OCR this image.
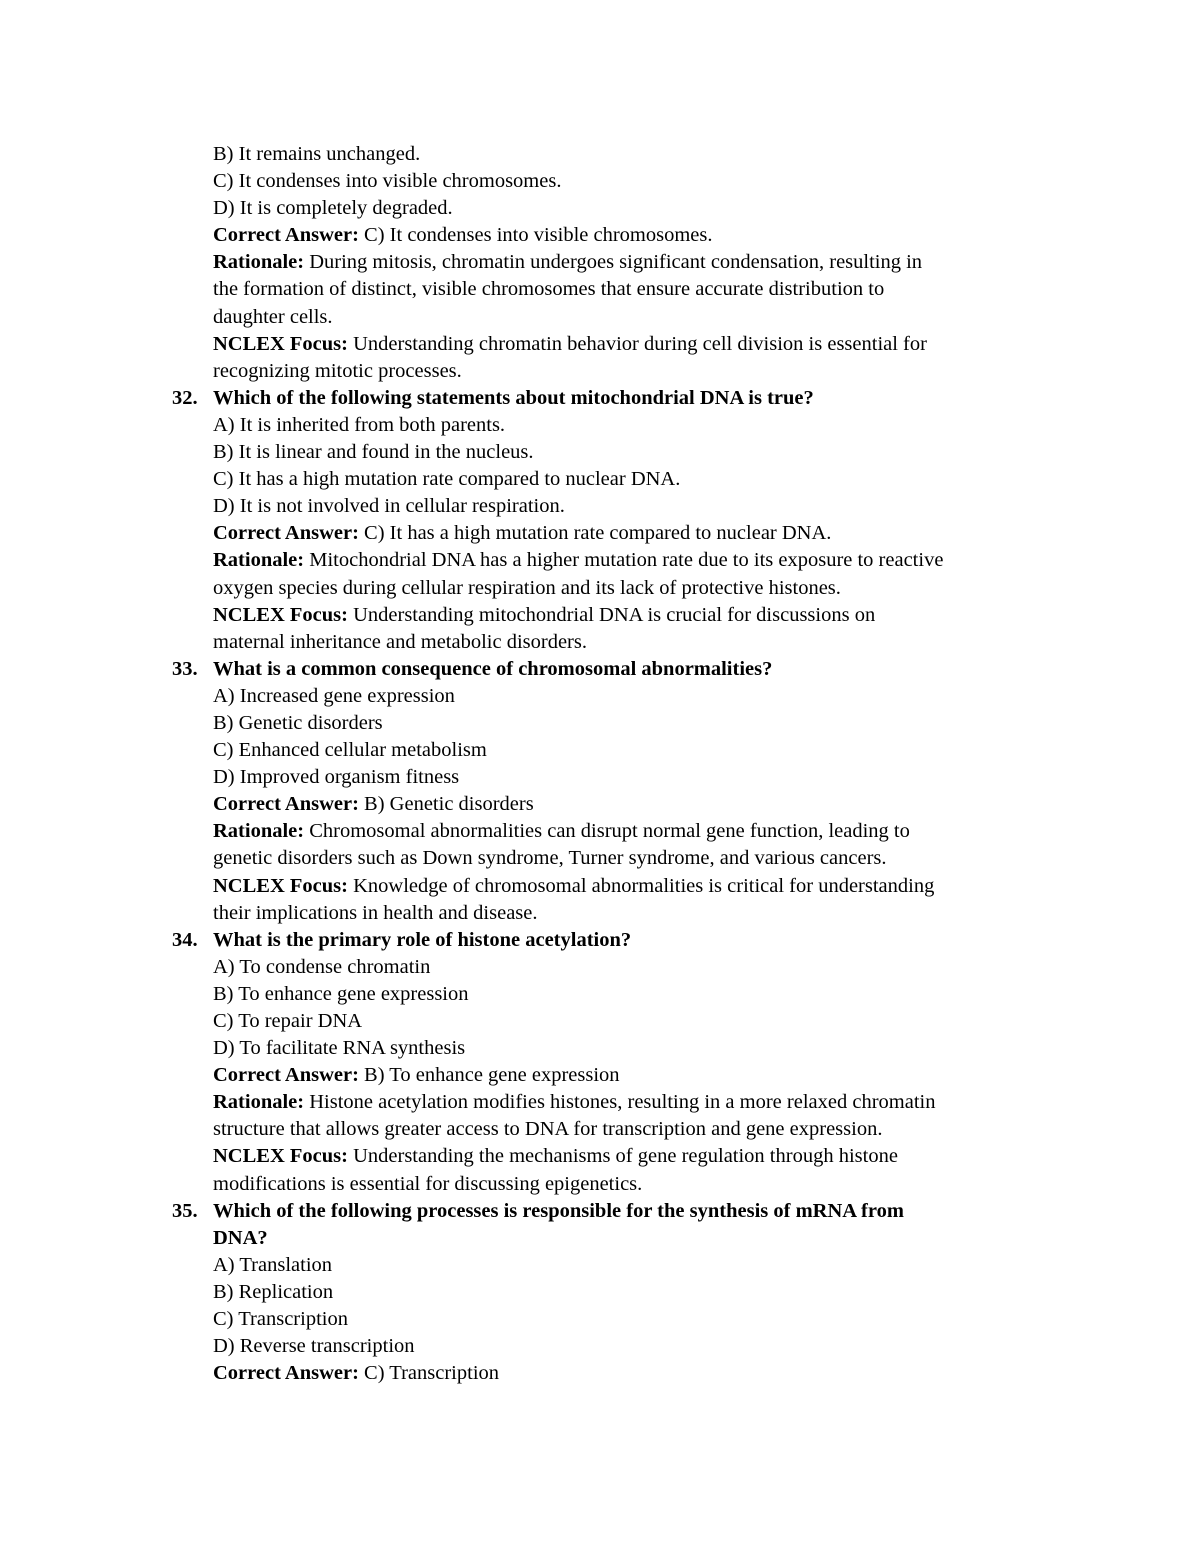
B) It remains unchanged.
C) It condenses into visible chromosomes.
D) It is completely degraded.
Correct Answer: C) It condenses into visible chromosomes.
Rationale: During mitosis, chromatin undergoes significant condensation, resulting in
the formation of distinct, visible chromosomes that ensure accurate distribution to
daughter cells.
NCLEX Focus: Understanding chromatin behavior during cell division is essential for
recognizing mitotic processes.
32. Which of the following statements about mitochondrial DNA is true?
A) It is inherited from both parents.
B) It is linear and found in the nucleus.
C) It has a high mutation rate compared to nuclear DNA.
D) It is not involved in cellular respiration.
Correct Answer: C) It has a high mutation rate compared to nuclear DNA.
Rationale: Mitochondrial DNA has a higher mutation rate due to its exposure to reactive
oxygen species during cellular respiration and its lack of protective histones.
NCLEX Focus: Understanding mitochondrial DNA is crucial for discussions on
maternal inheritance and metabolic disorders.
33. What is a common consequence of chromosomal abnormalities?
A) Increased gene expression
B) Genetic disorders
C) Enhanced cellular metabolism
D) Improved organism fitness
Correct Answer: B) Genetic disorders
Rationale: Chromosomal abnormalities can disrupt normal gene function, leading to
genetic disorders such as Down syndrome, Turner syndrome, and various cancers.
NCLEX Focus: Knowledge of chromosomal abnormalities is critical for understanding
their implications in health and disease.
34. What is the primary role of histone acetylation?
A) To condense chromatin
B) To enhance gene expression
C) To repair DNA
D) To facilitate RNA synthesis
Correct Answer: B) To enhance gene expression
Rationale: Histone acetylation modifies histones, resulting in a more relaxed chromatin
structure that allows greater access to DNA for transcription and gene expression.
NCLEX Focus: Understanding the mechanisms of gene regulation through histone
modifications is essential for discussing epigenetics.
35. Which of the following processes is responsible for the synthesis of mRNA from
DNA?
A) Translation
B) Replication
C) Transcription
D) Reverse transcription
Correct Answer: C) Transcription
